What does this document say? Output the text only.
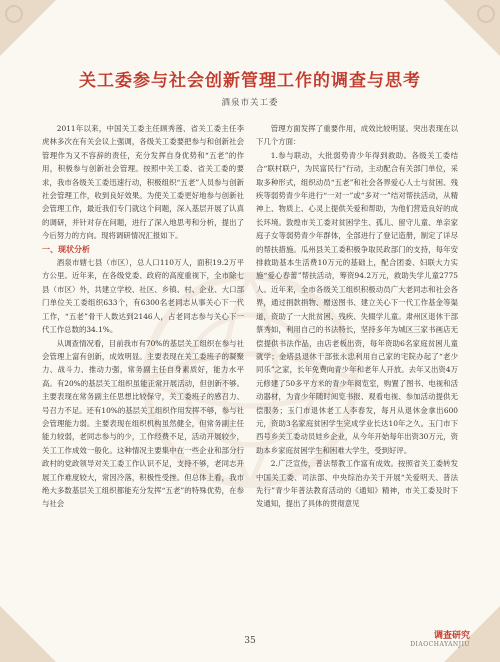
关工委参与社会创新管理工作的调查与思考
酒泉市关工委

2011年以来，中国关工委主任顾秀莲、省关工委主任李虎林多次在有关会议上强调，各级关工委要把参与和创新社会管理作为又不容辞的责任，充分发挥自身优势和“五老”的作用，积极参与创新社会管理。按照中关工委、省关工委的要求，我市各级关工委迅速行动，积极组织“五老”人员参与创新社会管理工作，收到良好效果。为使关工委更好地参与创新社会管理工作，最近我们专门就这个问题，深入基层开展了认真的调研，并针对存在问题，进行了深入地思考和分析，提出了今后努力的方向。现将调研情况汇报如下。

一、现状分析

酒泉市辖七县（市区），总人口110万人，面积19.2万平方公里。近年来，在各级党委、政府的高度重视下，全市除七县（市区）外，共建立学校、社区、乡镇、村、企业、大口部门单位关工委组织633个，有6300名老同志从事关心下一代工作，“五老”骨干人数达到2146人，占老同志参与关心下一代工作总数的34.1%。

从调查情况看，目前我市有70%的基层关工组织在参与社会管理上富有创新，成效明显。主要表现在关工委班子的凝聚力、战斗力、推动力强，常务副主任自身素质好，能力水平高。有20%的基层关工组织虽能正常开展活动，但创新不够。主要表现在常务副主任思想比较保守，关工委班子的感召力、号召力不足。还有10%的基层关工组织作用发挥不够，参与社会管理能力弱。主要表现在组织机构虽然健全，但常务副主任能力较弱，老同志参与的少，工作经费不足，活动开展较少，关工工作成效一般化。这种情况主要集中在一些企业和部分行政村的党政领导对关工委工作认识不足，支持不够，老同志开展工作难度较大，常因冷落，积极性受挫。但总体上看，我市绝大多数基层关工组织都能充分发挥“五老”的特殊优势，在参与社会

管理方面发挥了重要作用，成效比较明显。突出表现在以下几个方面：

1.参与联动，大批弱势青少年得到救助。各级关工委结合“联村联户，为民富民行”行动，主动配合有关部门单位，采取多种形式，组织动员“五老”和社会各界爱心人士与贫困、残疾等弱势青少年进行“一对一”或“多对一”结对帮扶活动，从精神上、物质上、心灵上提供关爱和帮助，为他们营造良好的成长环境。敦煌市关工委对贫困学生、孤儿、留守儿童、单亲家庭子女等弱势青少年群体，全部进行了登记造册，制定了详尽的帮扶措施。瓜州县关工委积极争取民政部门的支持，每年安排救助基本生活费10万元的基础上，配合团委、妇联大力实施“爱心春蕾”帮扶活动，筹资94.2万元，救助失学儿童2775人。近年来，全市各级关工组织积极动员广大老同志和社会各界，通过捐款捐物、赠送图书、建立关心下一代工作基金等渠道，资助了一大批贫困、残疾、失辍学儿童。肃州区退休干部蔡秀如，利用自己的书法特长，坚持多年为城区三家书画店无偿提供书法作品，由店老板出资，每年资助6名家庭贫困儿童就学；金塔县退休干部张永忠利用自己家的宅院办起了“老少同乐”之家，长年免费向青少年和老年人开放。去年又出资4万元修建了50多平方米的青少年阅览室，购置了图书、电视和活动器材，为青少年随时阅览书报、观看电视、参加活动提供无偿服务；玉门市退休老工人李春发，每月从退休金拿出600元，资助3名家庭贫困学生完成学业长达10年之久。玉门市下西号乡关工委动员娃乡企业，从今年开始每年出资30万元，资助本乡家庭贫困学生和困难大学生，受到好评。

2.广泛宣传，普法帮教工作富有成效。按照省关工委转发中国关工委、司法部、中央综治办关于开展“关爱明天、普法先行”青少年普法教育活动的《通知》精神，市关工委及时下发通知，提出了具体的贯彻意见

35	调查研究
DIAOCHAYANJIU
